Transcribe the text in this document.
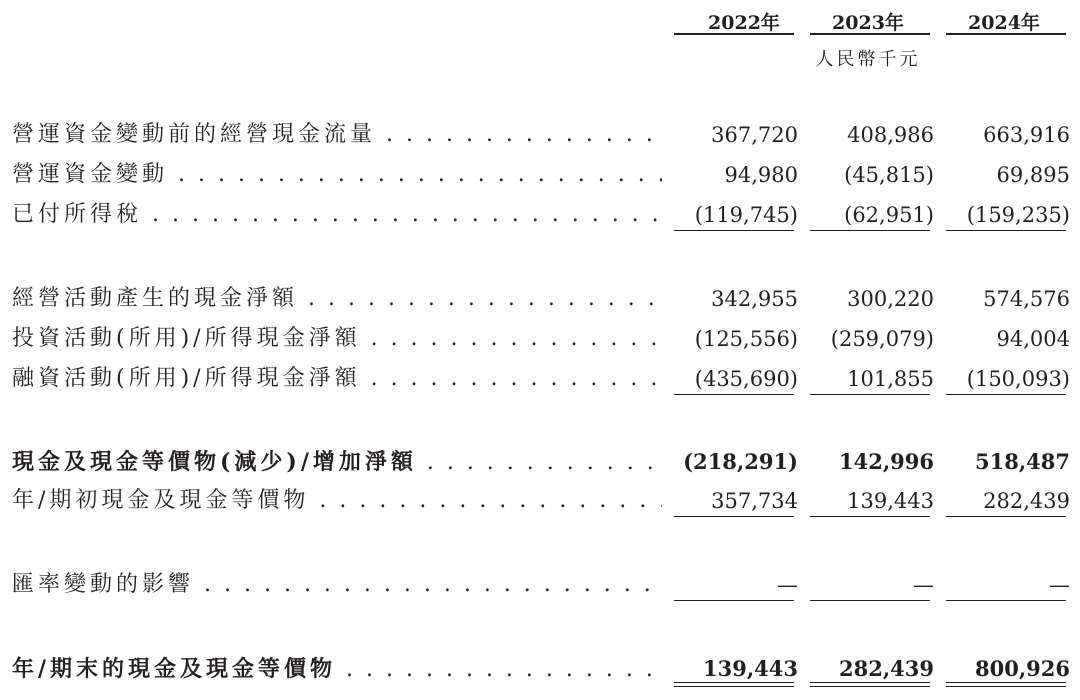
2022年	2023年	2024年
人民幣千元
營運資金變動前的經營現金流量 . . .	367,720	408,986	663,916
營運資金變動 . . .	94,980	(45,815)	69,895
已付所得稅 . . .	(119,745)	(62,951)	(159,235)
經營活動產生的現金淨額 . . .	342,955	300,220	574,576
投資活動(所用)/所得現金淨額 . . .	(125,556)	(259,079)	94,004
融資活動(所用)/所得現金淨額 . . .	(435,690)	101,855	(150,093)
現金及現金等價物(減少)/增加淨額 . . .	(218,291)	142,996	518,487
年/期初現金及現金等價物 . . .	357,734	139,443	282,439
匯率變動的影響 . . .	—	—	—
年/期末的現金及現金等價物 . . .	139,443	282,439	800,926
